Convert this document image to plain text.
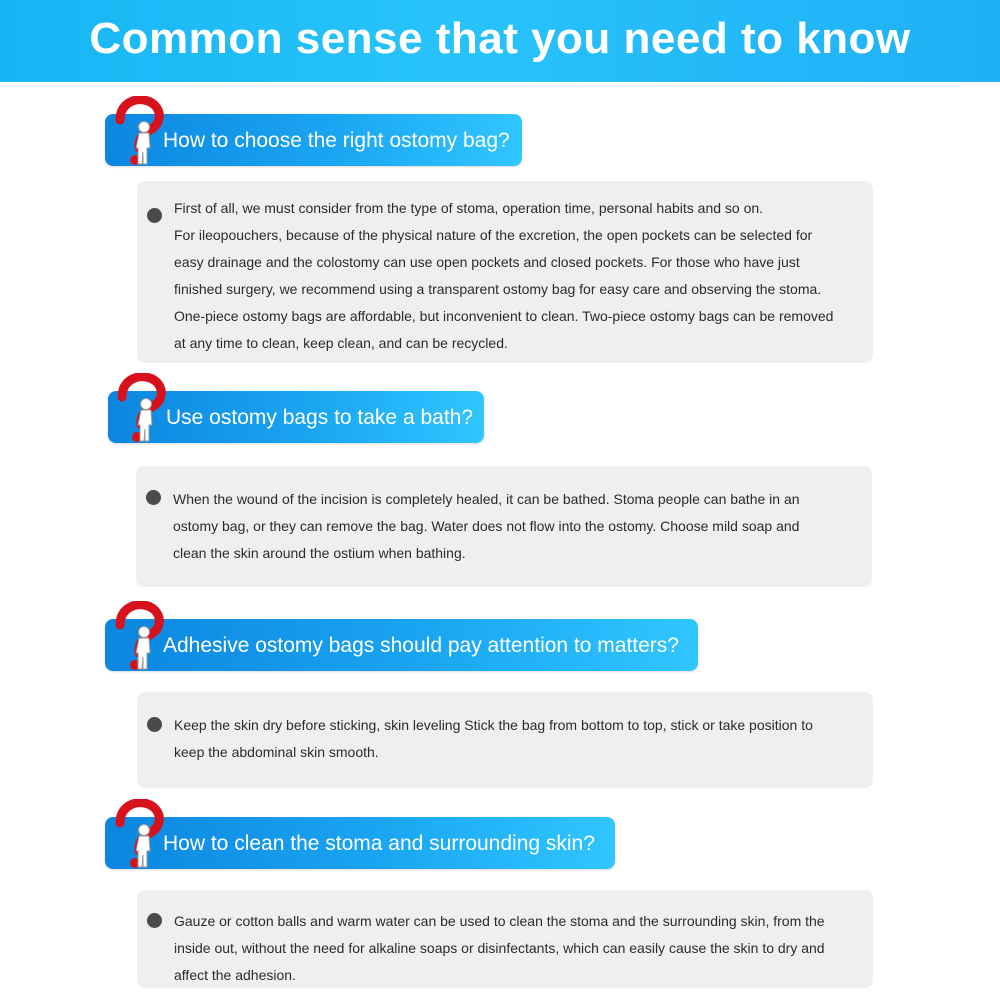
Common sense that you need to know
How to choose the right ostomy bag?
First of all, we must consider from the type of stoma, operation time, personal habits and so on.
For ileopouchers, because of the physical nature of the excretion, the open pockets can be selected for
easy drainage and the colostomy can use open pockets and closed pockets. For those who have just
finished surgery, we recommend using a transparent ostomy bag for easy care and observing the stoma.
One-piece ostomy bags are affordable, but inconvenient to clean. Two-piece ostomy bags can be removed
at any time to clean, keep clean, and can be recycled.
Use ostomy bags to take a bath?
When the wound of the incision is completely healed, it can be bathed. Stoma people can bathe in an
ostomy bag, or they can remove the bag. Water does not flow into the ostomy. Choose mild soap and
clean the skin around the ostium when bathing.
Adhesive ostomy bags should pay attention to matters?
Keep the skin dry before sticking, skin leveling Stick the bag from bottom to top, stick or take position to
keep the abdominal skin smooth.
How to clean the stoma and surrounding skin?
Gauze or cotton balls and warm water can be used to clean the stoma and the surrounding skin, from the
inside out, without the need for alkaline soaps or disinfectants, which can easily cause the skin to dry and
affect the adhesion.
